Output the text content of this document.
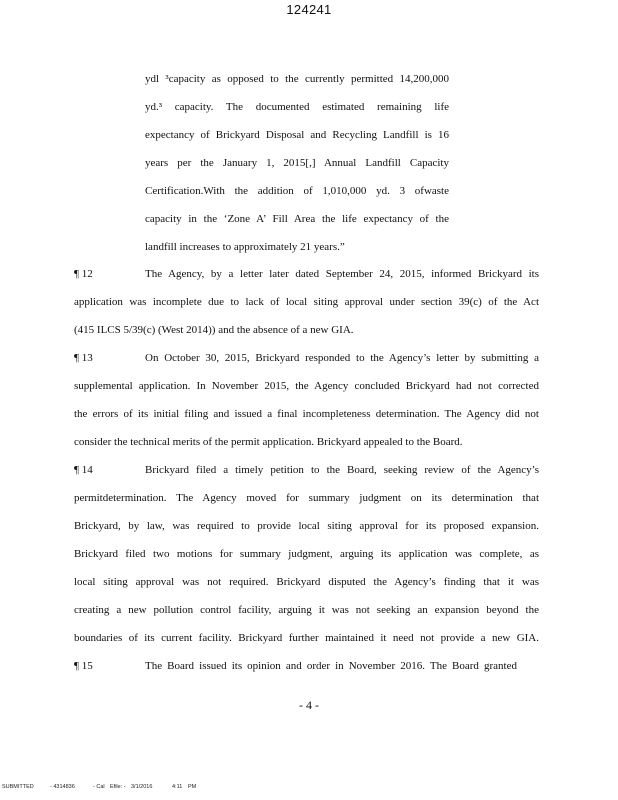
124241
ydl ³capacity as opposed to the currently permitted 14,200,000
yd.³ capacity. The documented estimated remaining life
expectancy of Brickyard Disposal and Recycling Landfill is 16
years per the January 1, 2015[,] Annual Landfill Capacity
Certification.With the addition of 1,010,000 yd. 3 ofwaste
capacity in the ‘Zone A’ Fill Area the life expectancy of the
landfill increases to approximately 21 years.”
¶ 12	The Agency, by a letter later dated September 24, 2015, informed Brickyard its
application was incomplete due to lack of local siting approval under section 39(c) of the Act
(415 ILCS 5/39(c) (West 2014)) and the absence of a new GIA.
¶ 13	On October 30, 2015, Brickyard responded to the Agency’s letter by submitting a
supplemental application. In November 2015, the Agency concluded Brickyard had not corrected
the errors of its initial filing and issued a final incompleteness determination. The Agency did not
consider the technical merits of the permit application. Brickyard appealed to the Board.
¶ 14	Brickyard filed a timely petition to the Board, seeking review of the Agency’s
permitdetermination. The Agency moved for summary judgment on its determination that
Brickyard, by law, was required to provide local siting approval for its proposed expansion.
Brickyard filed two motions for summary judgment, arguing its application was complete, as
local siting approval was not required. Brickyard disputed the Agency’s finding that it was
creating a new pollution control facility, arguing it was not seeking an expansion beyond the
boundaries of its current facility. Brickyard further maintained it need not provide a new GIA.
¶ 15	The Board issued its opinion and order in November 2016. The Board granted
- 4 -
SUBMITTED	- 4314836	- Cal Efile: - 3/1/2016	4:11 PM
